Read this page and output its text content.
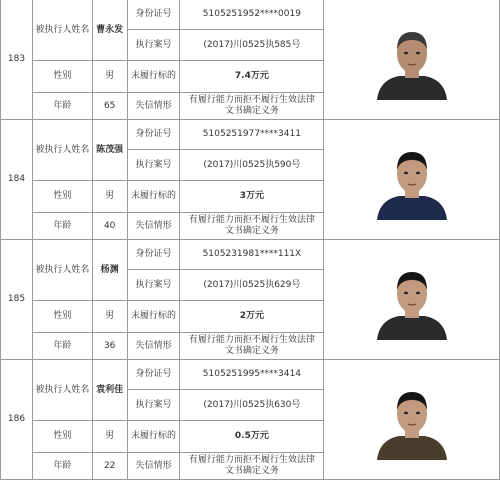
183	被执行人姓名	曹永发	身份证号	5105251952****0019	

			执行案号	(2017)川0525执585号	
	性别	男	未履行标的	7.4万元	
	年龄	65	失信情形	有履行能力而拒不履行生效法律文书确定义务	
184	被执行人姓名	陈茂强	身份证号	5105251977****3411	

			执行案号	(2017)川0525执590号	
	性别	男	未履行标的	3万元	
	年龄	40	失信情形	有履行能力而拒不履行生效法律文书确定义务	
185	被执行人姓名	杨渊	身份证号	5105231981****111X	

			执行案号	(2017)川0525执629号	
	性别	男	未履行标的	2万元	
	年龄	36	失信情形	有履行能力而拒不履行生效法律文书确定义务	
186	被执行人姓名	袁利佳	身份证号	5105251995****3414	

			执行案号	(2017)川0525执630号	
	性别	男	未履行标的	0.5万元	
	年龄	22	失信情形	有履行能力而拒不履行生效法律文书确定义务	
